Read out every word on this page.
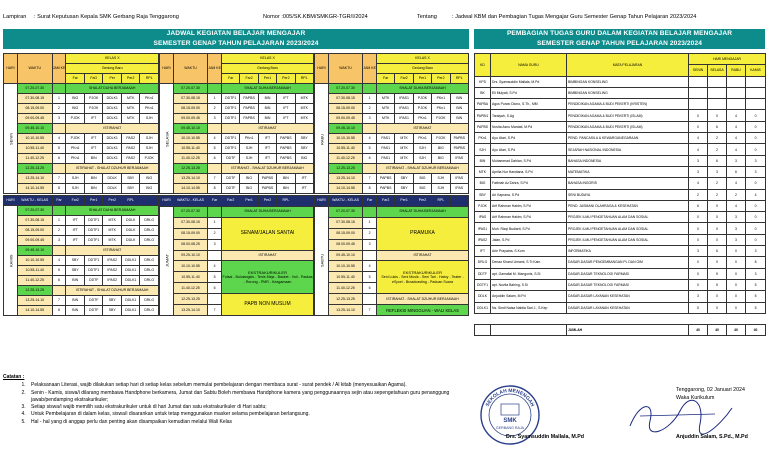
Lampiran : Surat Keputusan Kepala SMK Gerbang Raja Tenggarong	Nomor :005/SK.KBM/SMKGR-TGR/I/2024	Tentang	: Jadwal KBM dan Pembagian Tugas Mengajar Guru Semester Genap Tahun Pelajaran 2023/2024
JADWAL KEGIATAN BELAJAR MENGAJAR
SEMESTER GENAP TAHUN PELAJARAN 2023/2024
HARI	WAKTU	JAM KE	KELAS X				
			Gedung Baru				
			Far	FaG	Per	Per2	RPL
SENIN	07.20-07.30		SHALAT DUHA BERJAMAAH				
	07.30-08.15	1	BIG	PJOK	DDLK1	MTK	PKn1
	08.15-09.00	2	BIG	PJOK	DDLK1	MTK	PKn1
	09.00-09.45	3	PJOK	IFT	DDLK1	MTK	SJH
	09.45-10.10		ISTIRAHAT				
	10.10-10.55	4	PJOK	IFT	DDLK1	PAS2	SJH
	10.55-11.40	5	PKn1	IFT	DDLK1	PAS2	SJH
	11.40-12.25	6	PKn1	BIN	DDLK1	PAS2	PJOK
	12.25-13.25		ISTIRAHAT - SHALAT DZUHUR BERJAMAAH				
	13.25-14.10	7	SJH	BIN	DDLK	SBY	BIG
	14.10-14.55	8	SJH	BIN	DDLK	SBY	BIG
HARI	WAKTU	JAM KE	KELAS X				
			Gedung Baru				
			Far	Far2	Per1	Per2	RPL
SELASA	07.20-07.30		SHALAT DUHA BERJAMAAH				
	07.30-08.15	1	DDTF1	PAPBS	BIN	IFT	MTK
	08.15-09.00	2	DDTF1	PAPBS	BIN	IFT	MTK
	09.00-09.45	3	DDTF1	PAPBS	BIN	IFT	MTK
	09.45-10.10		ISTIRAHAT				
	10.10-10.55	4	DDTF1	PKn1	IFT	PAPBS	SBY
	10.55-11.40	5	DDTF1	SJH	IFT	PAPBS	SBY
	11.40-12.25	6	DDTF	SJH	IFT	PAPBS	BIG
	12.25-13.25		ISTIRAHAT - SHALAT DZUHUR BERJAMAAH				
	13.25-14.10	7	DDTF	BIG	PAPBS	BIN	IFT
	14.10-14.55	8	DDTF	BIG	PAPBS	BIN	IFT
HARI	WAKTU	JAM KE	KELAS X				
			Gedung Baru				
			Far	Far2	Per1	Per2	RPL
RABU	07.20-07.30		SHALAT DUHA BERJAMAAH				
	07.30-08.15	1	MTK	IPAS1	PJOK	PKn1	BIN
	08.15-09.00	2	MTK	IPAS1	PJOK	PKn1	BIN
	09.00-09.45	3	MTK	IPAS1	PKn1	PJOK	BIN
	09.45-10.10		ISTIRAHAT				
	10.10-10.55	4	PAS1	MTK	PKn1	PJOK	PAPBS
	10.55-11.40	5	PAS1	MTK	SJH	BIG	PAPBS
	11.40-12.25	6	PAS1	MTK	SJH	BIG	IPAS
	12.25-13.25		ISTIRAHAT - SHALAT DZUHUR BERJAMAAH				
	13.25-14.10	7	PAPBS	SBY	BIG	SJH	IPAS
	14.10-14.55	8	PAPBS	SBY	BIG	SJH	IPAS
HARI	WAKTU - KELAS	Far	Far2	Per1	Per2	RPL	
KAMIS	07.20-07.30		SHALAT DUHA BERJAMAAH				
	07.30-08.15	1	IFT	DDTF1	MTK	DDLK	DRLG
	08.15-09.00	2	IFT	DDTF1	MTK	DDLK	DRLG
	09.00-09.45	3	IFT	DDTF1	MTK	DDLK	DRLG
	09.45-10.10		ISTIRAHAT				
	10.10-10.55	4	SBY	DDTF1	IPAS2	DDLK1	DRLG
	10.55-11.40	5	SBY	DDTF1	IPAS2	DDLK1	DRLG
	11.40-12.25	6	BIN	DDTF	IPAS2	DDLK1	DRLG
	12.25-13.25		ISTIRAHAT - SHALAT DZUHUR BERJAMAAH				
	13.25-14.10	7	BIN	DDTF	SBY	DDLK1	DRLG
	14.10-14.55	8	BIN	DDTF	SBY	DDLK1	DRLG
HARI	WAKTU - KELAS	Far	Far2	Per1	Per2	RPL	
JUMAT	07.20-07.30		SHALAT DUHA BERJAMAAH				
	07.30-08.15	1	SENAM/JALAN SANTAI				
	08.15-09.00	2					
	08.00-08.25	3					
	09.25-10.10		ISTIRAHAT				
	10.10-10.55	4	EKSTRAKURIKULER
Futsal - Bulutangkis - Tenis Meja - Basket - Voli - Paskas - Rorong - PMR - Keagamaan				

	10.55-11.40	5					
	11.40-12.25	6					
	12.25-13.25		PAPB NON MUSLIM				
	13.25-14.10	7					
HARI	WAKTU - KELAS	Far	Far2	Per1	Per2	RPL	
SABTU	07.20-07.30		SHALAT DUHA BERJAMAAH				
	07.30-08.15	1	PRAMUKA				
	08.15-09.00	2					
	08.00-09.45	3					
	09.45-10.10		ISTIRAHAT				
	10.10-10.55	4	EKSTRAKURIKULER
Seni Lukis - Seni Musik - Seni Tari - Hatoy - Teater - eSport - Broadcasting - Paduan Suara				

	10.55-11.40	5					
	11.40-12.25	6					
	12.25-13.25		ISTIRAHAT - SHALAT DZUHUR BERJAMAAH				
	13.25-14.10	7	REFLEKSI MINGGUAN - WALI KELAS				
PEMBAGIAN TUGAS GURU DALAM KEGIATAN BELAJAR MENGAJAR
SEMESTER GENAP TAHUN PELAJARAN 2023/2024
KD	NAMA GURU	MATA PELAJARAN	HARI MENGAJAR			
			SENIN	SELASA	RABU	KAMIS
KPS	Drs. Syamsuddin Mallala, M.Pd	BIMBINGAN KONSELING				
BK	Eli Mulyati, S.Pd	BIMBINGAN KONSELING				
PAPBA	Agus Purwo Diono, S.Th., MM	PENDIDIKAN AGAMA & BUDI PEKERTI (KRISTEN)				
PAPBI1	Taraiyah, S.Ag	PENDIDIKAN AGAMA & BUDI PEKERTI (ISLAM)	0	0	4	0
PAPBS	Novita Asnu Mardati, M.Pd	PENDIDIKAN AGAMA & BUDI PEKERTI (ISLAM)	0	6	4	0
PKn1	Ayu Utari, S.Pd	PEND. PANCASILA & KEWARGANEGARAAN	4	2	4	0
SJH	Ayu Utari, S.Pd	SEJARAH NASIONAL INDONESIA	4	2	4	0
BIN	Muhammad Dahlan, S.Pd	BAHASA INDONESIA	3	6	3	3
MTK	Aprilia Nur Handiana, S.Pd	MATEMATIKA	3	3	6	3
BIG	Fatimah Az'Zahra, S.Pd	BAHASA INGGRIS	4	2	4	0
SBY	Ari Kaprana, S.Pd	SENI BUDAYA	2	2	2	4
PJOK	Arif Rahman Hakim, S.Pd	PEND. JASMANI OLAHRAGA & KESEHATAN	6	0	4	0
IPAS	Arif Rahman Hakim, S.Pd	PROJEK ILMU PENGETAHUAN ALAM DAN SOSIAL	0	0	3	0
IPAS1	Muh. Rizqi Budiarti, S.Pd	PROJEK ILMU PENGETAHUAN ALAM DAN SOSIAL	0	0	3	0
IPAS2	Jalan, S.Pd	PROJEK ILMU PENGETAHUAN ALAM DAN SOSIAL	0	0	3	0
IFT	Arie Prayatna, S.Kom	INFORMATIKA	3	6	0	3
DRLG	Denao Kharul Umami, S.Tr.Kam	DASAR-DASAR PENGEMBANGAN PL DAN GIM	0	0	0	8
DDTF	apt. Gamalial M. Mangonis, S.Si	DASAR-DASAR TEKNOLOGI FARMASI	0	5	0	3
DDTF1	apt. Novita Bahing, S.Si	DASAR-DASAR TEKNOLOGI FARMASI	0	5	0	5
DDLK	Anjuddin Salam, M.Pd	DASAR-DASAR LAYANAN KESEHATAN	3	0	0	5
DDLK1	Ns. Sindi Naisa Nabila Sari J., S.Kep	DASAR-DASAR LAYANAN KESEHATAN	5	0	0	5

		JUMLAH	40	40	40	40
Catatan :
1. Pelaksanaan Literasi, wajib dilakukan setiap hari di setiap kelas sebelum memulai pembelajaran dengan membaca surat - surat pendek / Al kitab (menyesuaikan Agama).
2. Senin - Kamis, siswa/i dilarang membawa Handphone berkamera, Jumat dan Sabtu Boleh membawa Handphone kamera yang penggunaannya sejin atau sepengetahuan guru penanggung jawab/pendamping ekstrakurikuler;
3. Setiap siswa/i wajib memilih satu ekstrakurikuler untuk di hari Jumat dan satu ekstrakurikuler di Hari sabtu;
4. Untuk Pembelajaran di dalam kelas, siswa/i disarankan untuk tetap menggunakan masker selama pembelajaran berlangsung.
5. Hal - hal yang di anggap perlu dan penting akan disampaikan kemudian melalui Wali Kelas
SEKOLAH MENENGAH
SMK
GERBANG RAJA
Drs. Syamsuddin Mallala, M.Pd
Tenggarong, 02 Januari 2024
Waka Kurikulum
Anjuddin Salam, S.Pd., M.Pd
